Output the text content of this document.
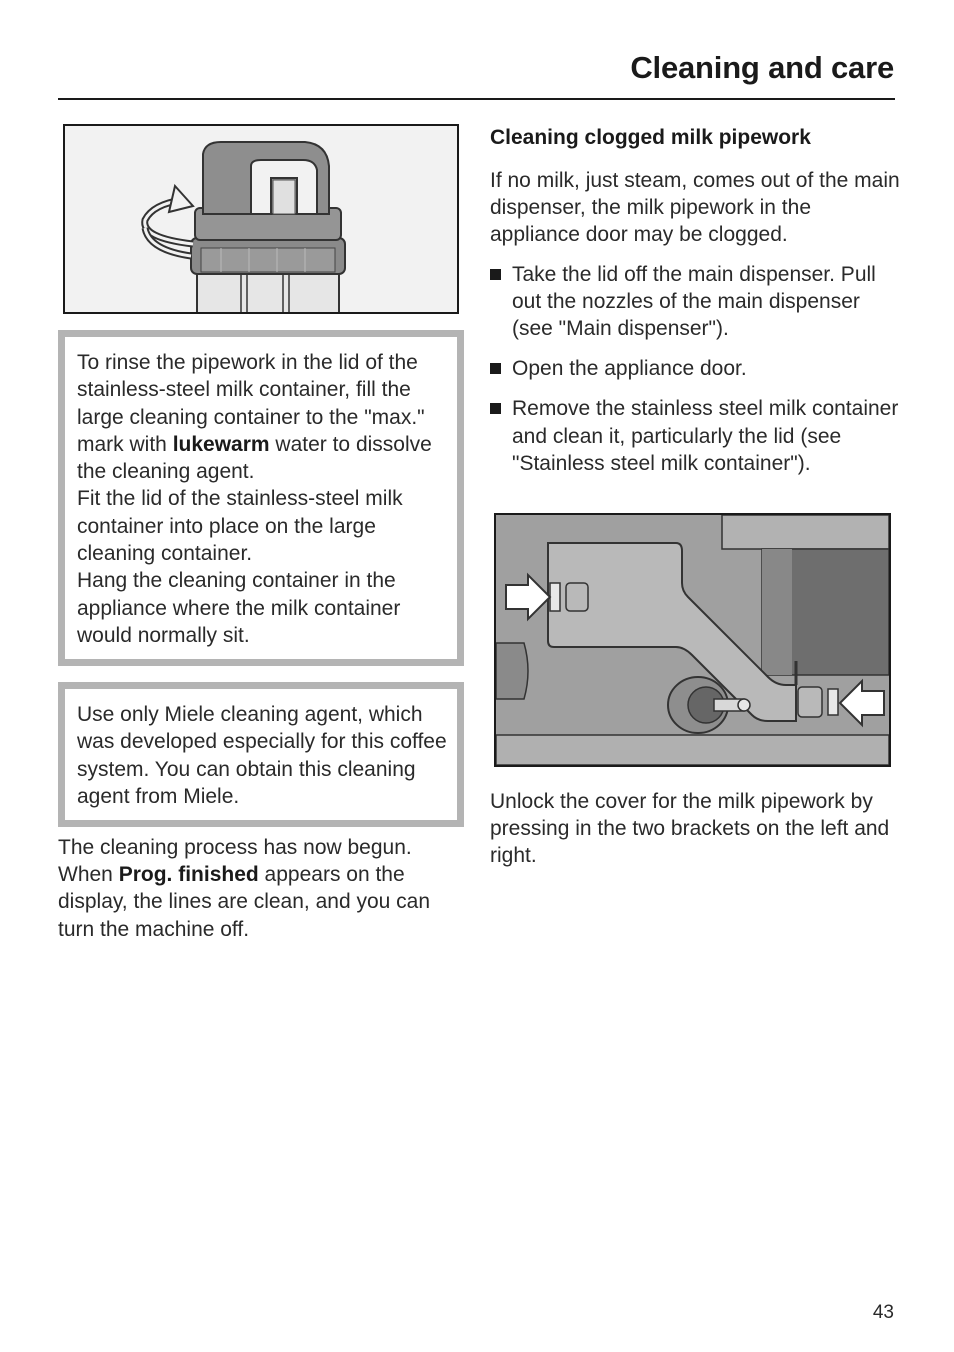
Cleaning and care
To rinse the pipework in the lid of the stainless-steel milk container, fill the large cleaning container to the "max." mark with lukewarm water to dissolve the cleaning agent.
Fit the lid of the stainless-steel milk container into place on the large cleaning container.
Hang the cleaning container in the appliance where the milk container would normally sit.
Use only Miele cleaning agent, which was developed especially for this coffee system. You can obtain this cleaning agent from Miele.
The cleaning process has now begun. When Prog. finished appears on the display, the lines are clean, and you can turn the machine off.
Cleaning clogged milk pipework
If no milk, just steam, comes out of the main dispenser, the milk pipework in the appliance door may be clogged.
Take the lid off the main dispenser. Pull out the nozzles of the main dispenser (see "Main dispenser").
Open the appliance door.
Remove the stainless steel milk container and clean it, particularly the lid (see "Stainless steel milk container").
Unlock the cover for the milk pipework by pressing in the two brackets on the left and right.
43
